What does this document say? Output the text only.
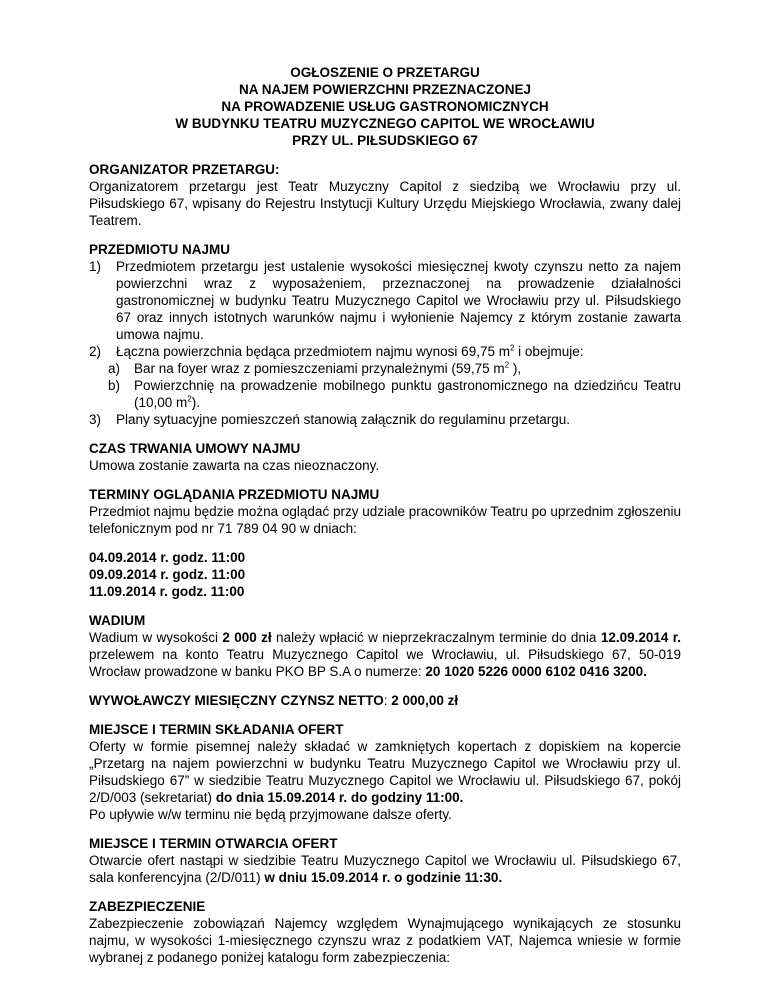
OGŁOSZENIE O PRZETARGU
NA NAJEM POWIERZCHNI PRZEZNACZONEJ
NA PROWADZENIE USŁUG GASTRONOMICZNYCH
W BUDYNKU TEATRU MUZYCZNEGO CAPITOL WE WROCŁAWIU
PRZY UL. PIŁSUDSKIEGO 67
ORGANIZATOR PRZETARGU:
Organizatorem przetargu jest Teatr Muzyczny Capitol z siedzibą we Wrocławiu przy ul. Piłsudskiego 67, wpisany do Rejestru Instytucji Kultury Urzędu Miejskiego Wrocławia, zwany dalej Teatrem.
PRZEDMIOTU NAJMU
1) Przedmiotem przetargu jest ustalenie wysokości miesięcznej kwoty czynszu netto za najem powierzchni wraz z wyposażeniem, przeznaczonej na prowadzenie działalności gastronomicznej w budynku Teatru Muzycznego Capitol we Wrocławiu przy ul. Piłsudskiego 67 oraz innych istotnych warunków najmu i wyłonienie Najemcy z którym zostanie zawarta umowa najmu.
2) Łączna powierzchnia będąca przedmiotem najmu wynosi 69,75 $m^2$ i obejmuje:
a) Bar na foyer wraz z pomieszczeniami przynależnymi (59,75 $m^2$ ),
b) Powierzchnię na prowadzenie mobilnego punktu gastronomicznego na dziedzińcu Teatru (10,00 $m^2$).
3) Plany sytuacyjne pomieszczeń stanowią załącznik do regulaminu przetargu.
CZAS TRWANIA UMOWY NAJMU
Umowa zostanie zawarta na czas nieoznaczony.
TERMINY OGLĄDANIA PRZEDMIOTU NAJMU
Przedmiot najmu będzie można oglądać przy udziale pracowników Teatru po uprzednim zgłoszeniu telefonicznym pod nr 71 789 04 90 w dniach:
04.09.2014 r. godz. 11:00
09.09.2014 r. godz. 11:00
11.09.2014 r. godz. 11:00
WADIUM
Wadium w wysokości 2 000 zł należy wpłacić w nieprzekraczalnym terminie do dnia 12.09.2014 r. przelewem na konto Teatru Muzycznego Capitol we Wrocławiu, ul. Piłsudskiego 67, 50-019 Wrocław prowadzone w banku PKO BP S.A o numerze: 20 1020 5226 0000 6102 0416 3200.
WYWOŁAWCZY MIESIĘCZNY CZYNSZ NETTO: 2 000,00 zł
MIEJSCE I TERMIN SKŁADANIA OFERT
Oferty w formie pisemnej należy składać w zamkniętych kopertach z dopiskiem na kopercie „Przetarg na najem powierzchni w budynku Teatru Muzycznego Capitol we Wrocławiu przy ul. Piłsudskiego 67” w siedzibie Teatru Muzycznego Capitol we Wrocławiu ul. Piłsudskiego 67, pokój 2/D/003 (sekretariat) do dnia 15.09.2014 r. do godziny 11:00.
Po upływie w/w terminu nie będą przyjmowane dalsze oferty.
MIEJSCE I TERMIN OTWARCIA OFERT
Otwarcie ofert nastąpi w siedzibie Teatru Muzycznego Capitol we Wrocławiu ul. Piłsudskiego 67, sala konferencyjna (2/D/011) w dniu 15.09.2014 r. o godzinie 11:30.
ZABEZPIECZENIE
Zabezpieczenie zobowiązań Najemcy względem Wynajmującego wynikających ze stosunku najmu, w wysokości 1-miesięcznego czynszu wraz z podatkiem VAT, Najemca wniesie w formie wybranej z podanego poniżej katalogu form zabezpieczenia:
